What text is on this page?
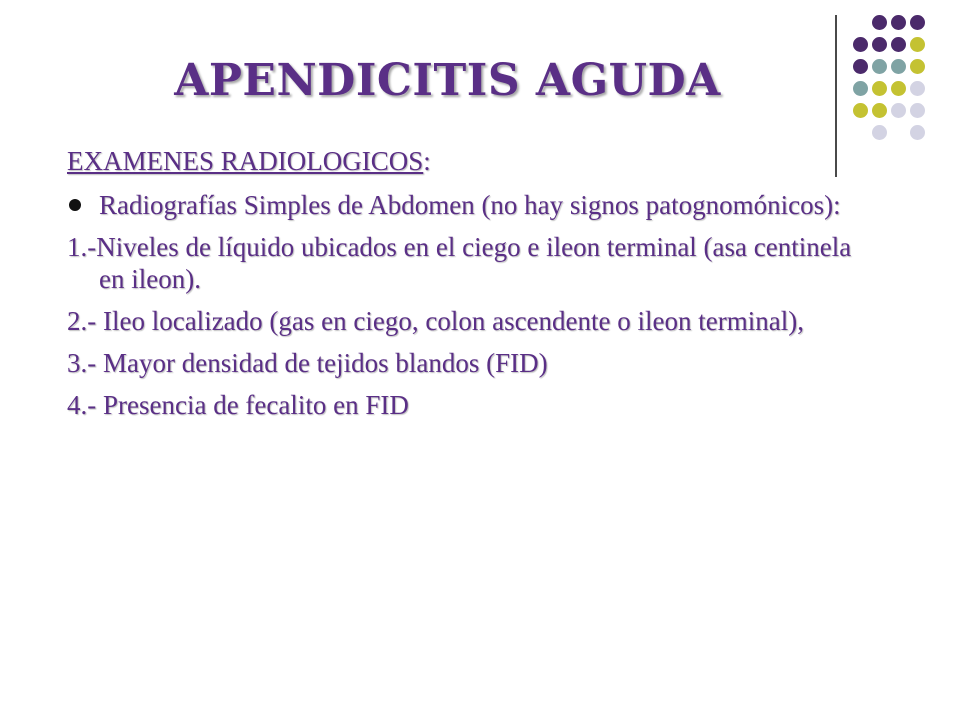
APENDICITIS AGUDA

EXAMENES RADIOLOGICOS:

Radiografías Simples de Abdomen (no hay signos patognomónicos):

1.-Niveles de líquido ubicados en el ciego e ileon terminal (asa centinela en ileon).

2.- Ileo localizado (gas en ciego, colon ascendente o ileon terminal),

3.- Mayor densidad de tejidos blandos (FID)

4.- Presencia de fecalito en FID
